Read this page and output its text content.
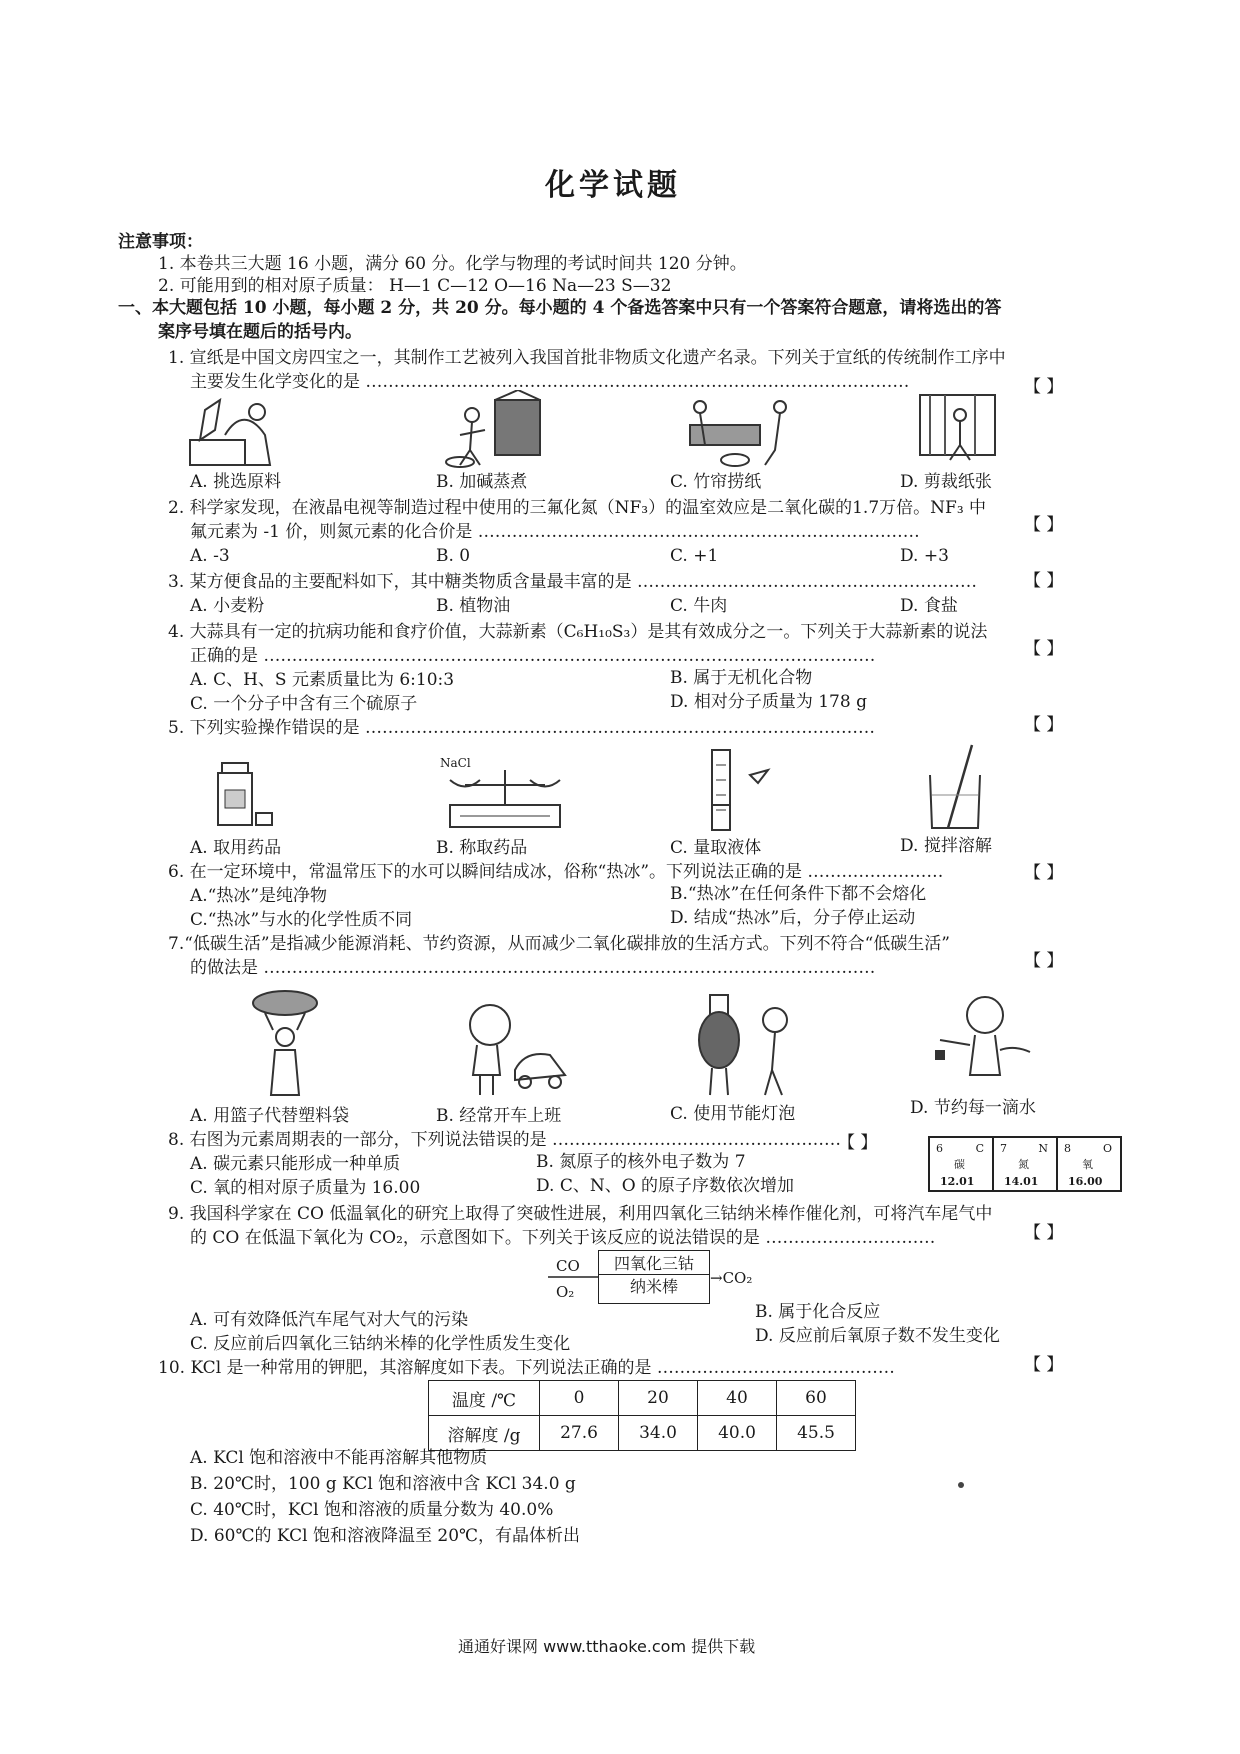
化学试题
注意事项：
1. 本卷共三大题 16 小题，满分 60 分。化学与物理的考试时间共 120 分钟。
2. 可能用到的相对原子质量： H—1 C—12 O—16 Na—23 S—32
一、本大题包括 10 小题，每小题 2 分，共 20 分。每小题的 4 个备选答案中只有一个答案符合题意，请将选出的答
案序号填在题后的括号内。
1. 宣纸是中国文房四宝之一，其制作工艺被列入我国首批非物质文化遗产名录。下列关于宣纸的传统制作工序中
主要发生化学变化的是 ……………………………………………………………………………………	【 】
A. 挑选原料	B. 加碱蒸煮	C. 竹帘捞纸	D. 剪裁纸张
2. 科学家发现，在液晶电视等制造过程中使用的三氟化氮（NF₃）的温室效应是二氧化碳的1.7万倍。NF₃ 中
氟元素为 -1 价，则氮元素的化合价是 ……………………………………………………………………	【 】
A. -3	B. 0	C. +1	D. +3
3. 某方便食品的主要配料如下，其中糖类物质含量最丰富的是 ……………………………………………………	【 】
A. 小麦粉	B. 植物油	C. 牛肉	D. 食盐
4. 大蒜具有一定的抗病功能和食疗价值，大蒜新素（C₆H₁₀S₃）是其有效成分之一。下列关于大蒜新素的说法
正确的是 ………………………………………………………………………………………………	【 】
A. C、H、S 元素质量比为 6:10:3	B. 属于无机化合物
C. 一个分子中含有三个硫原子	D. 相对分子质量为 178 g
5. 下列实验操作错误的是 ………………………………………………………………………………	【 】
NaCl
A. 取用药品	B. 称取药品	C. 量取液体	D. 搅拌溶解
6. 在一定环境中，常温常压下的水可以瞬间结成冰，俗称“热冰”。下列说法正确的是 ……………………	【 】
A.“热冰”是纯净物	B.“热冰”在任何条件下都不会熔化
C.“热冰”与水的化学性质不同	D. 结成“热冰”后，分子停止运动
7.“低碳生活”是指减少能源消耗、节约资源，从而减少二氧化碳排放的生活方式。下列不符合“低碳生活”
的做法是 ………………………………………………………………………………………………	【 】
A. 用篮子代替塑料袋	B. 经常开车上班	C. 使用节能灯泡	D. 节约每一滴水
8. 右图为元素周期表的一部分，下列说法错误的是 ……………………………………………
【 】
A. 碳元素只能形成一种单质	B. 氮原子的核外电子数为 7
C. 氧的相对原子质量为 16.00	D. C、N、O 的原子序数依次增加
6	C
碳
12.01
7	N
氮
14.01
8	O
氧
16.00
9. 我国科学家在 CO 低温氧化的研究上取得了突破性进展，利用四氧化三钴纳米棒作催化剂，可将汽车尾气中
的 CO 在低温下氧化为 CO₂，示意图如下。下列关于该反应的说法错误的是 …………………………	【 】
CO
O₂
四氧化三钴
纳米棒	→CO₂
A. 可有效降低汽车尾气对大气的污染	B. 属于化合反应
C. 反应前后四氧化三钴纳米棒的化学性质发生变化	D. 反应前后氧原子数不发生变化
10. KCl 是一种常用的钾肥，其溶解度如下表。下列说法正确的是 ……………………………………	【 】
温度 /℃	0	20	40	60
溶解度 /g	27.6	34.0	40.0	45.5
A. KCl 饱和溶液中不能再溶解其他物质
B. 20℃时，100 g KCl 饱和溶液中含 KCl 34.0 g
C. 40℃时，KCl 饱和溶液的质量分数为 40.0%
D. 60℃的 KCl 饱和溶液降温至 20℃，有晶体析出
通通好课网 www.tthaoke.com 提供下载
